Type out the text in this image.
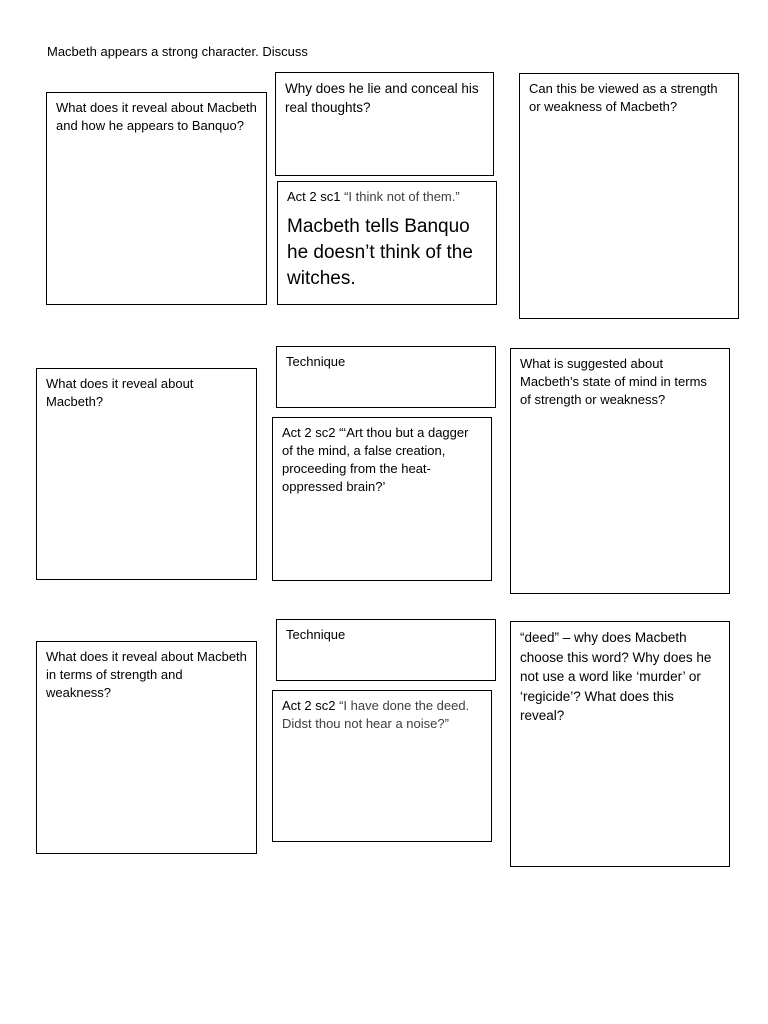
Macbeth appears a strong character. Discuss
What does it reveal about Macbeth and how he appears to Banquo?
Why does he lie and conceal his real thoughts?
Act 2 sc1 “I think not of them.”
Macbeth tells Banquo he doesn’t think of the witches.
Can this be viewed as a strength or weakness of Macbeth?
What does it reveal about Macbeth?
Technique
Act 2 sc2 “‘Art thou but a dagger of the mind, a false creation, proceeding from the heat-oppressed brain?’
What is suggested about Macbeth’s state of mind in terms of strength or weakness?
What does it reveal about Macbeth in terms of strength and weakness?
Technique
Act 2 sc2 “I have done the deed. Didst thou not hear a noise?”
“deed” – why does Macbeth choose this word? Why does he not use a word like ‘murder’ or ‘regicide’? What does this reveal?
